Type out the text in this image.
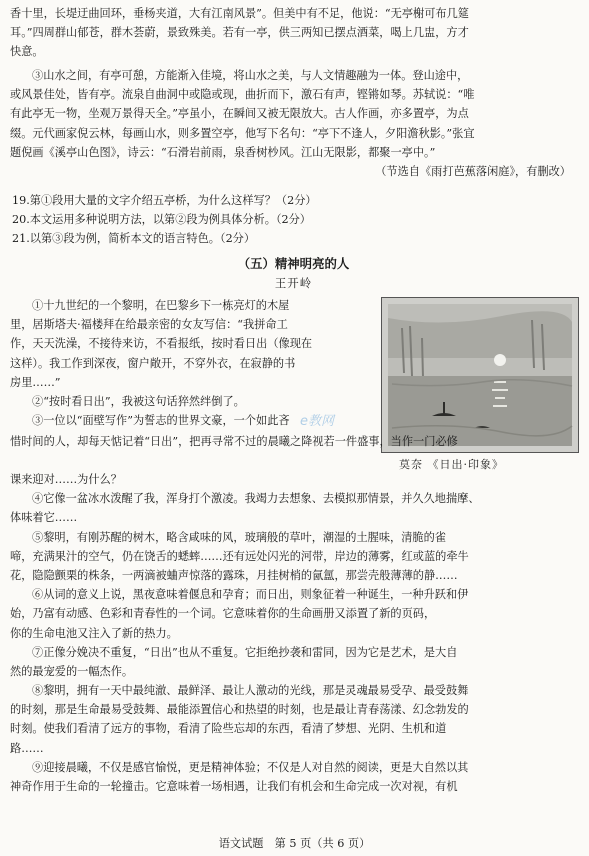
香十里，长堤迂曲回环，垂杨夹道，大有江南风景”。但美中有不足，他说：“无亭榭可布几筵
耳。”四周群山郁苍，群木荟蔚，景致殊美。若有一亭，供三两知已摆点酒菜，喝上几盅，方才
快意。
③山水之间，有亭可憩，方能渐入佳境，将山水之美，与人文情趣融为一体。登山途中，
或风景佳处，皆有亭。流泉自曲洞中或隐或现，曲折而下，激石有声，铿锵如琴。苏轼说：“唯
有此亭无一物，坐观万景得天全。”亭虽小，在瞬间又被无限放大。古人作画，亦多置亭，为点
缀。元代画家倪云林，每画山水，则多置空亭，他写下名句：“亭下不逢人，夕阳澹秋影。”张宜
题倪画《溪亭山色图》，诗云：“石滑岩前雨，泉香树杪风。江山无限影，都聚一亭中。”
（节选自《雨打芭蕉落闲庭》，有删改）
19.第①段用大量的文字介绍五亭桥，为什么这样写？（2分）
20.本文运用多种说明方法，以第②段为例具体分析。（2分）
21.以第③段为例，简析本文的语言特色。（2分）
（五）精神明亮的人
王开岭
①十九世纪的一个黎明，在巴黎乡下一栋亮灯的木屋
里，居斯塔夫·福楼拜在给最亲密的女友写信：“我拼命工
作，天天洗澡，不接待来访，不看报纸，按时看日出（像现在
这样）。我工作到深夜，窗户敞开，不穿外衣，在寂静的书
房里……”
②“按时看日出”，我被这句话猝然绊倒了。
③一位以“面壁写作”为誓志的世界文豪，一个如此吝
莫奈 《日出·印象》
e教网
惜时间的人，却每天惦记着“日出”，把再寻常不过的晨曦之降视若一件盛事，当作一门必修
课来迎对……为什么？
④它像一盆冰水泼醒了我，浑身打个激凌。我竭力去想象、去模拟那情景，并久久地揣摩、
体味着它……
⑤黎明，有刚苏醒的树木，略含咸味的风，玻璃般的草叶，潮湿的土腥味，清脆的雀
啼，充满果汁的空气，仍在饶舌的蟋蟀……还有远处闪光的河带，岸边的薄雾，红或蓝的牵牛
花，隐隐颤栗的株条，一两滴被蛐声惊落的露珠，月挂树梢的氤氲，那尝壳般薄薄的静……
⑥从词的意义上说，黑夜意味着偃息和孕育；而日出，则象征着一种诞生，一种升跃和伊
始，乃富有动感、色彩和青春性的一个词。它意味着你的生命画册又添置了新的页码，
你的生命电池又注入了新的热力。
⑦正像分娩决不重复，“日出”也从不重复。它拒绝抄袭和雷同，因为它是艺术，是大自
然的最宠爱的一幅杰作。
⑧黎明，拥有一天中最纯澈、最鲜泽、最让人激动的光线，那是灵魂最易受孕、最受鼓舞
的时刻，那是生命最易受鼓舞、最能添置信心和热望的时刻，也是最让青春荡漾、幻念勃发的
时刻。使我们看清了远方的事物，看清了险些忘却的东西，看清了梦想、光阴、生机和道
路……
⑨迎接晨曦，不仅是感官愉悦，更是精神体验；不仅是人对自然的阅读，更是大自然以其
神奇作用于生命的一轮撞击。它意味着一场相遇，让我们有机会和生命完成一次对视，有机
语文试题　第 5 页（共 6 页）
